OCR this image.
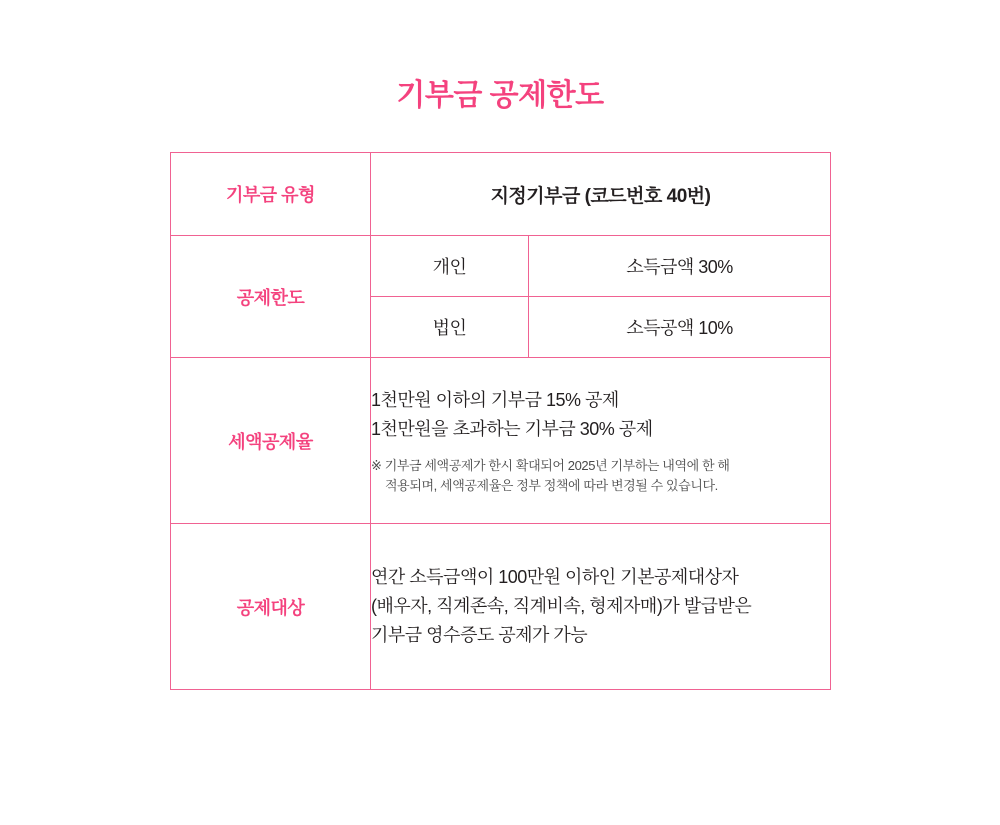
기부금 공제한도
기부금 유형	지정기부금 (코드번호 40번)	
공제한도	개인	소득금액 30%
	법인	소득공액 10%
세액공제율	1천만원 이하의 기부금 15% 공제
1천만원을 초과하는 기부금 30% 공제
※ 기부금 세액공제가 한시 확대되어 2025년 기부하는 내역에 한 해
적용되며, 세액공제율은 정부 정책에 따라 변경될 수 있습니다.	

공제대상	연간 소득금액이 100만원 이하인 기본공제대상자
(배우자, 직계존속, 직계비속, 형제자매)가 발급받은
기부금 영수증도 공제가 가능	
